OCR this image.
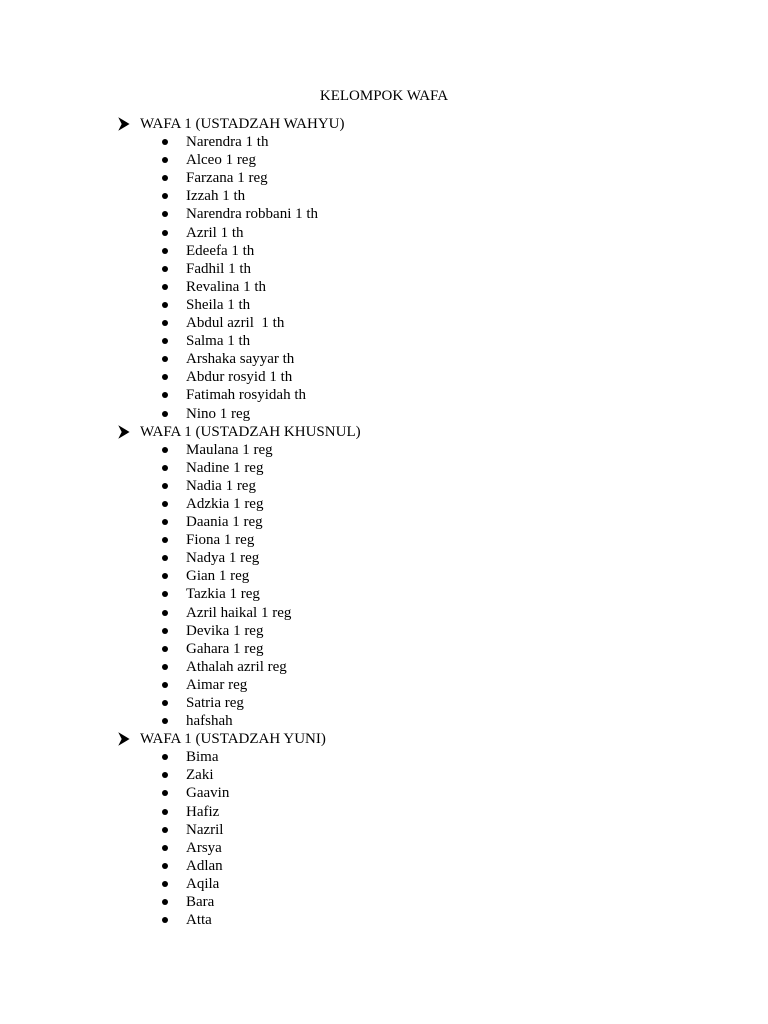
KELOMPOK WAFA
WAFA 1 (USTADZAH WAHYU)
Narendra 1 th
Alceo 1 reg
Farzana 1 reg
Izzah 1 th
Narendra robbani 1 th
Azril 1 th
Edeefa 1 th
Fadhil 1 th
Revalina 1 th
Sheila 1 th
Abdul azril  1 th
Salma 1 th
Arshaka sayyar th
Abdur rosyid 1 th
Fatimah rosyidah th
Nino 1 reg
WAFA 1 (USTADZAH KHUSNUL)
Maulana 1 reg
Nadine 1 reg
Nadia 1 reg
Adzkia 1 reg
Daania 1 reg
Fiona 1 reg
Nadya 1 reg
Gian 1 reg
Tazkia 1 reg
Azril haikal 1 reg
Devika 1 reg
Gahara 1 reg
Athalah azril reg
Aimar reg
Satria reg
hafshah
WAFA 1 (USTADZAH YUNI)
Bima
Zaki
Gaavin
Hafiz
Nazril
Arsya
Adlan
Aqila
Bara
Atta
